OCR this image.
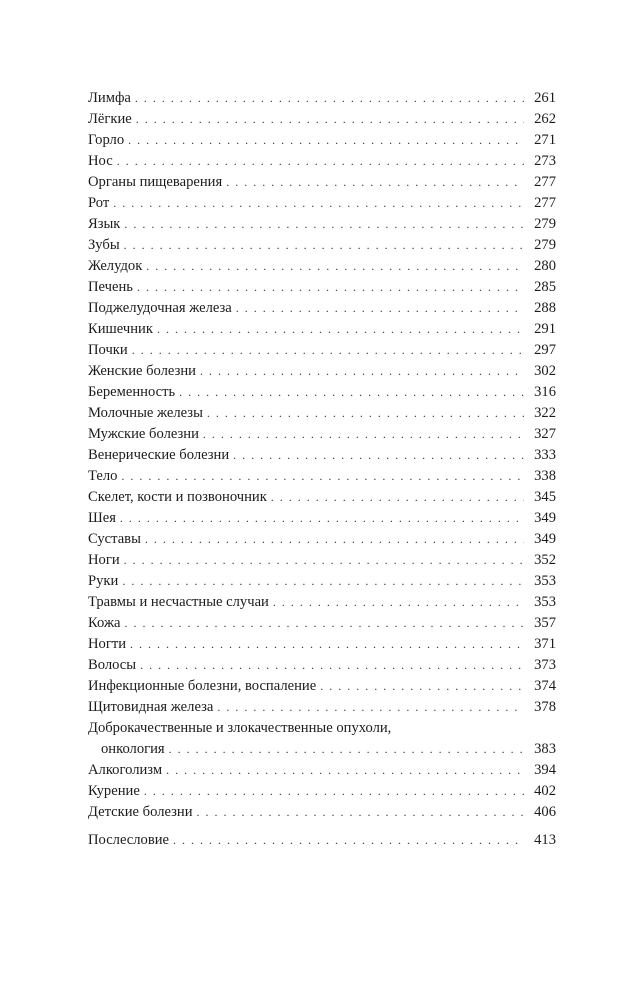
Лимфа . . .	261
Лёгкие . . .	262
Горло . . .	271
Нос . . .	273
Органы пищеварения . . .	277
Рот . . .	277
Язык . . .	279
Зубы . . .	279
Желудок . . .	280
Печень . . .	285
Поджелудочная железа . . .	288
Кишечник . . .	291
Почки . . .	297
Женские болезни . . .	302
Беременность . . .	316
Молочные железы . . .	322
Мужские болезни . . .	327
Венерические болезни . . .	333
Тело . . .	338
Скелет, кости и позвоночник . . .	345
Шея . . .	349
Суставы . . .	349
Ноги . . .	352
Руки . . .	353
Травмы и несчастные случаи . . .	353
Кожа . . .	357
Ногти . . .	371
Волосы . . .	373
Инфекционные болезни, воспаление . . .	374
Щитовидная железа . . .	378
Доброкачественные и злокачественные опухоли,
онкология . . .	383
Алкоголизм . . .	394
Курение . . .	402
Детские болезни . . .	406
Послесловие . . .	413
